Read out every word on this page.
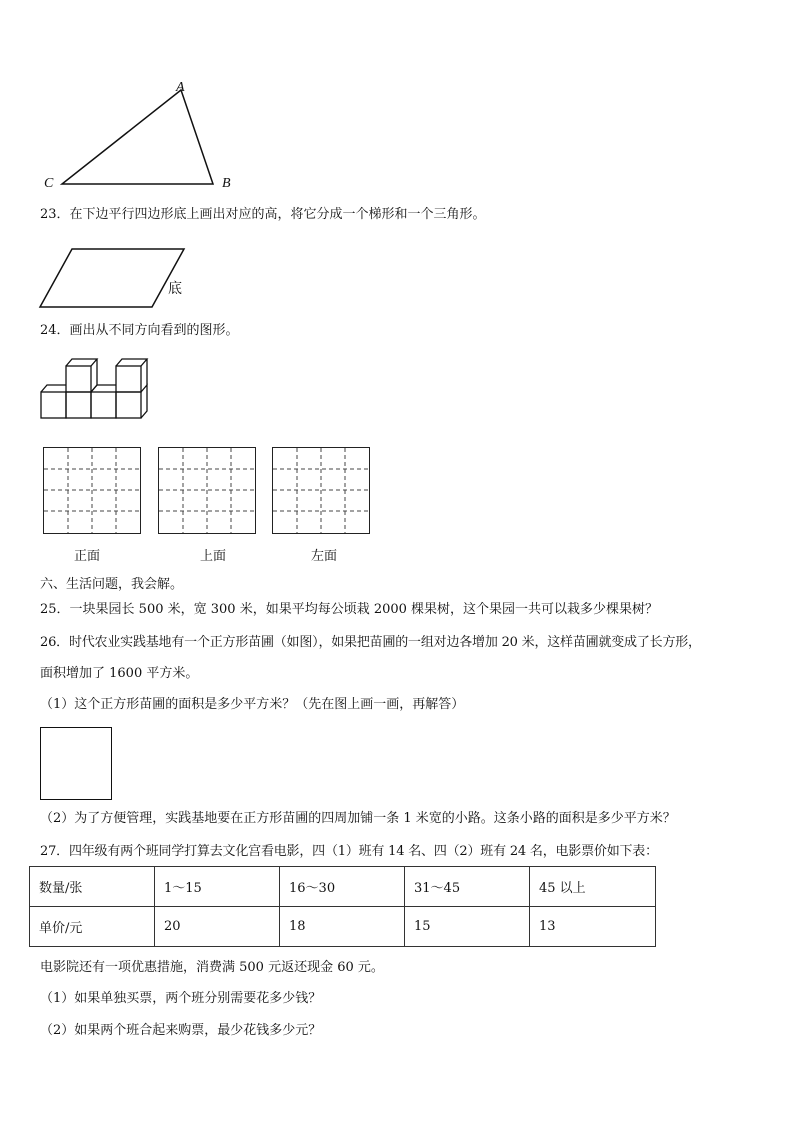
A
B
C
23．在下边平行四边形底上画出对应的高，将它分成一个梯形和一个三角形。
底
24．画出从不同方向看到的图形。
正面	上面	左面
六、生活问题，我会解。
25．一块果园长 500 米，宽 300 米，如果平均每公顷栽 2000 棵果树，这个果园一共可以栽多少棵果树？
26．时代农业实践基地有一个正方形苗圃（如图），如果把苗圃的一组对边各增加 20 米，这样苗圃就变成了长方形，
面积增加了 1600 平方米。
（1）这个正方形苗圃的面积是多少平方米？（先在图上画一画，再解答）
（2）为了方便管理，实践基地要在正方形苗圃的四周加铺一条 1 米宽的小路。这条小路的面积是多少平方米？
27．四年级有两个班同学打算去文化宫看电影，四（1）班有 14 名、四（2）班有 24 名，电影票价如下表：
数量/张	1～15	16～30	31～45	45 以上
单价/元	20	18	15	13
电影院还有一项优惠措施，消费满 500 元返还现金 60 元。
（1）如果单独买票，两个班分别需要花多少钱？
（2）如果两个班合起来购票，最少花钱多少元？
